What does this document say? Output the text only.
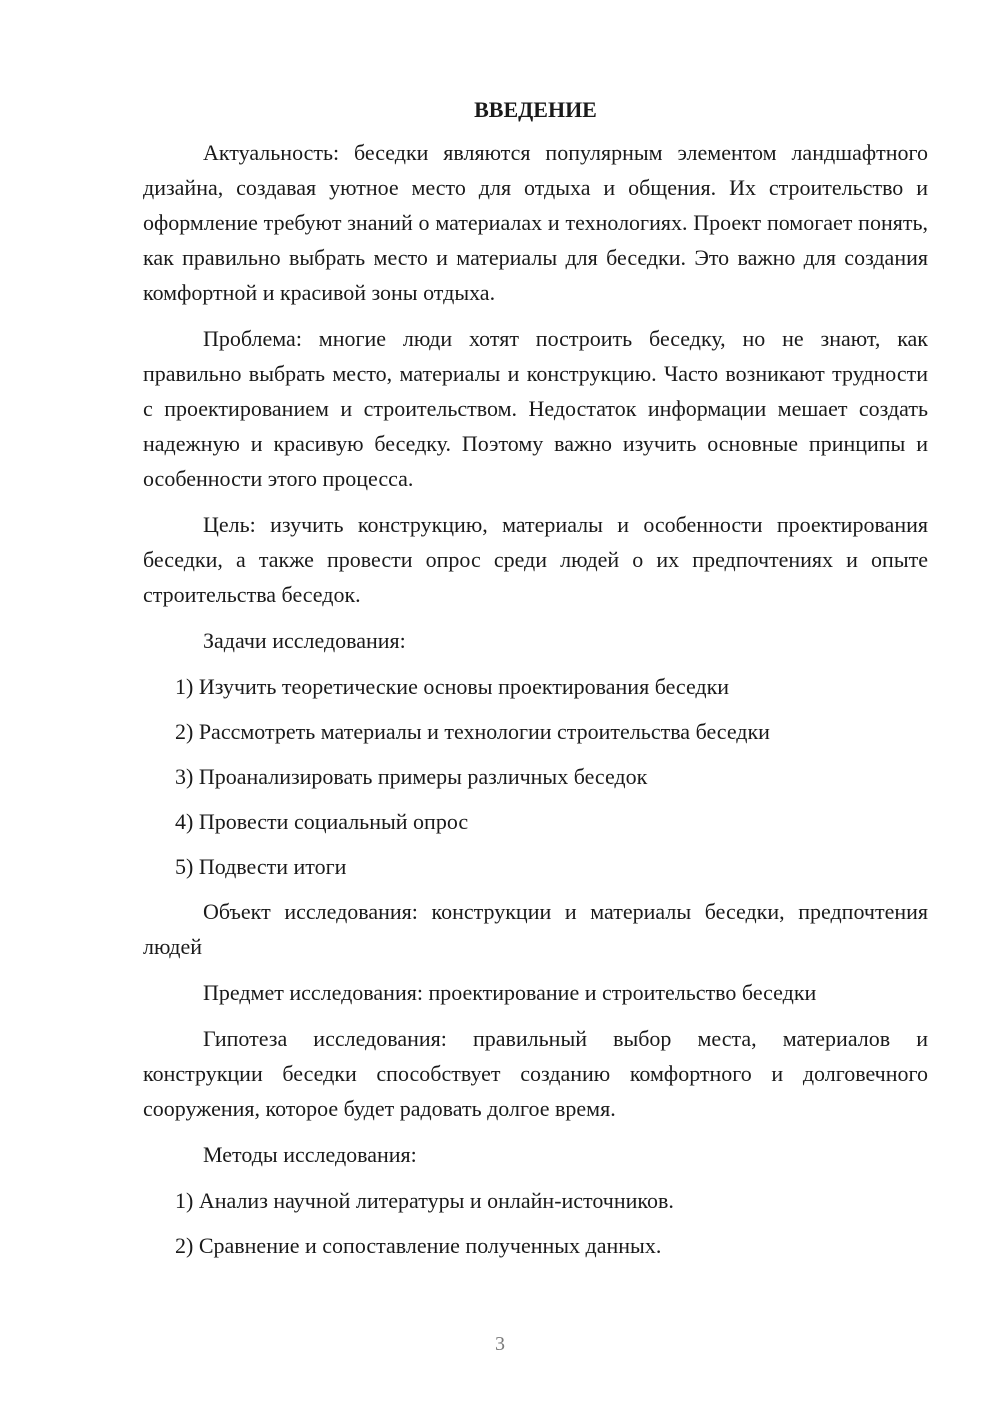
ВВЕДЕНИЕ

Актуальность: беседки являются популярным элементом ландшафтного дизайна, создавая уютное место для отдыха и общения. Их строительство и оформление требуют знаний о материалах и технологиях. Проект помогает понять, как правильно выбрать место и материалы для беседки. Это важно для создания комфортной и красивой зоны отдыха.

Проблема: многие люди хотят построить беседку, но не знают, как правильно выбрать место, материалы и конструкцию. Часто возникают трудности с проектированием и строительством. Недостаток информации мешает создать надежную и красивую беседку. Поэтому важно изучить основные принципы и особенности этого процесса.

Цель: изучить конструкцию, материалы и особенности проектирования беседки, а также провести опрос среди людей о их предпочтениях и опыте строительства беседок.

Задачи исследования:

1) Изучить теоретические основы проектирования беседки

2) Рассмотреть материалы и технологии строительства беседки

3) Проанализировать примеры различных беседок

4) Провести социальный опрос

5) Подвести итоги

Объект исследования: конструкции и материалы беседки, предпочтения людей

Предмет исследования: проектирование и строительство беседки

Гипотеза исследования: правильный выбор места, материалов и конструкции беседки способствует созданию комфортного и долговечного сооружения, которое будет радовать долгое время.

Методы исследования:

1) Анализ научной литературы и онлайн-источников.

2) Сравнение и сопоставление полученных данных.

3
